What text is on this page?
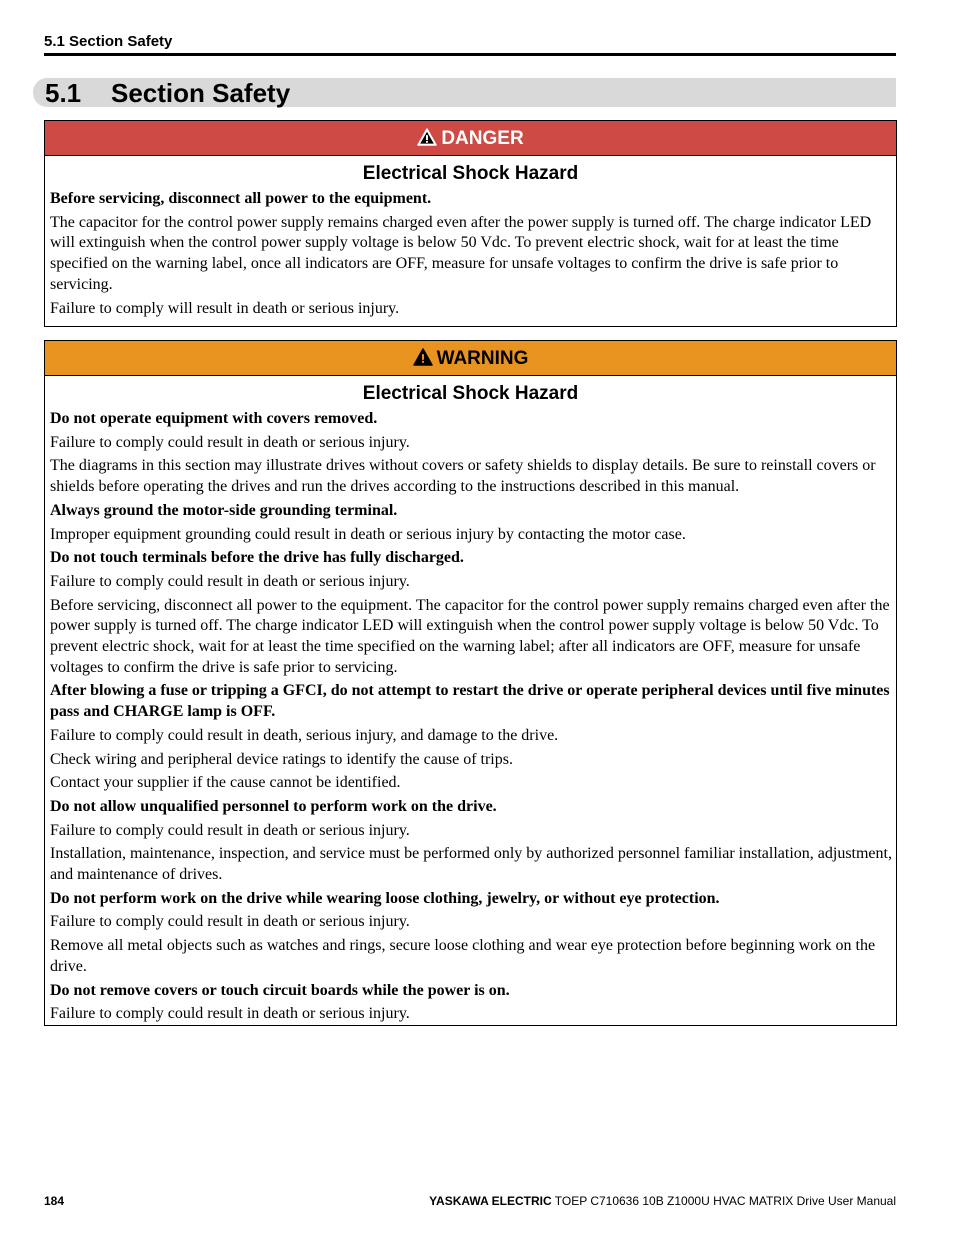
5.1 Section Safety
5.1 Section Safety
DANGER
Electrical Shock Hazard
Before servicing, disconnect all power to the equipment.
The capacitor for the control power supply remains charged even after the power supply is turned off. The charge indicator LED will extinguish when the control power supply voltage is below 50 Vdc. To prevent electric shock, wait for at least the time specified on the warning label, once all indicators are OFF, measure for unsafe voltages to confirm the drive is safe prior to servicing.
Failure to comply will result in death or serious injury.
WARNING
Electrical Shock Hazard
Do not operate equipment with covers removed.
Failure to comply could result in death or serious injury.
The diagrams in this section may illustrate drives without covers or safety shields to display details. Be sure to reinstall covers or shields before operating the drives and run the drives according to the instructions described in this manual.
Always ground the motor-side grounding terminal.
Improper equipment grounding could result in death or serious injury by contacting the motor case.
Do not touch terminals before the drive has fully discharged.
Failure to comply could result in death or serious injury.
Before servicing, disconnect all power to the equipment. The capacitor for the control power supply remains charged even after the power supply is turned off. The charge indicator LED will extinguish when the control power supply voltage is below 50 Vdc. To prevent electric shock, wait for at least the time specified on the warning label; after all indicators are OFF, measure for unsafe voltages to confirm the drive is safe prior to servicing.
After blowing a fuse or tripping a GFCI, do not attempt to restart the drive or operate peripheral devices until five minutes pass and CHARGE lamp is OFF.
Failure to comply could result in death, serious injury, and damage to the drive.
Check wiring and peripheral device ratings to identify the cause of trips.
Contact your supplier if the cause cannot be identified.
Do not allow unqualified personnel to perform work on the drive.
Failure to comply could result in death or serious injury.
Installation, maintenance, inspection, and service must be performed only by authorized personnel familiar installation, adjustment, and maintenance of drives.
Do not perform work on the drive while wearing loose clothing, jewelry, or without eye protection.
Failure to comply could result in death or serious injury.
Remove all metal objects such as watches and rings, secure loose clothing and wear eye protection before beginning work on the drive.
Do not remove covers or touch circuit boards while the power is on.
Failure to comply could result in death or serious injury.
184	YASKAWA ELECTRIC TOEP C710636 10B Z1000U HVAC MATRIX Drive User Manual
